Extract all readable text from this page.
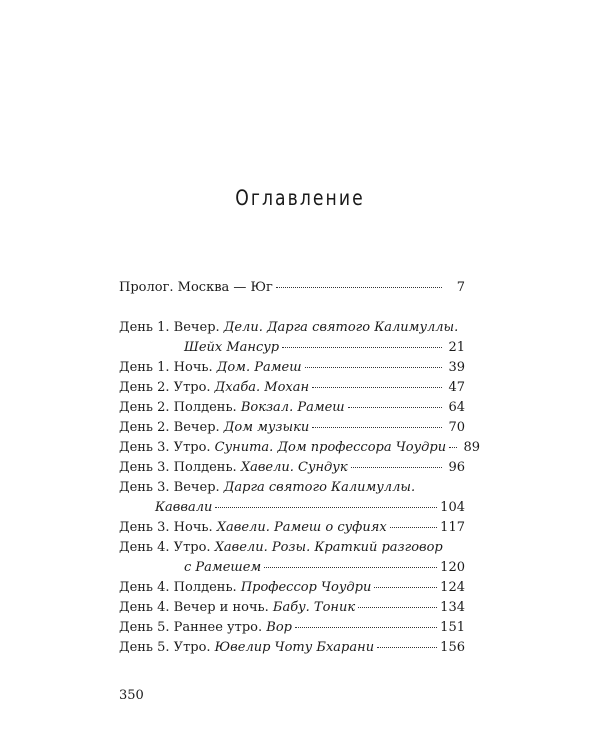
Оглавление
Пролог. Москва — Юг	7
День 1. Вечер. Дели. Дарга святого Калимуллы.
Шейх Мансур	21
День 1. Ночь. Дом. Рамеш	39
День 2. Утро. Дхаба. Мохан	47
День 2. Полдень. Вокзал. Рамеш	64
День 2. Вечер. Дом музыки	70
День 3. Утро. Сунита. Дом профессора Чоудри 89
День 3. Полдень. Хавели. Сундук	96
День 3. Вечер. Дарга святого Калимуллы.
Каввали	104
День 3. Ночь. Хавели. Рамеш о суфиях	117
День 4. Утро. Хавели. Розы. Краткий разговор
с Рамешем	120
День 4. Полдень. Профессор Чоудри	124
День 4. Вечер и ночь. Бабу. Тоник	134
День 5. Раннее утро. Вор	151
День 5. Утро. Ювелир Чоту Бхарани	156
350
